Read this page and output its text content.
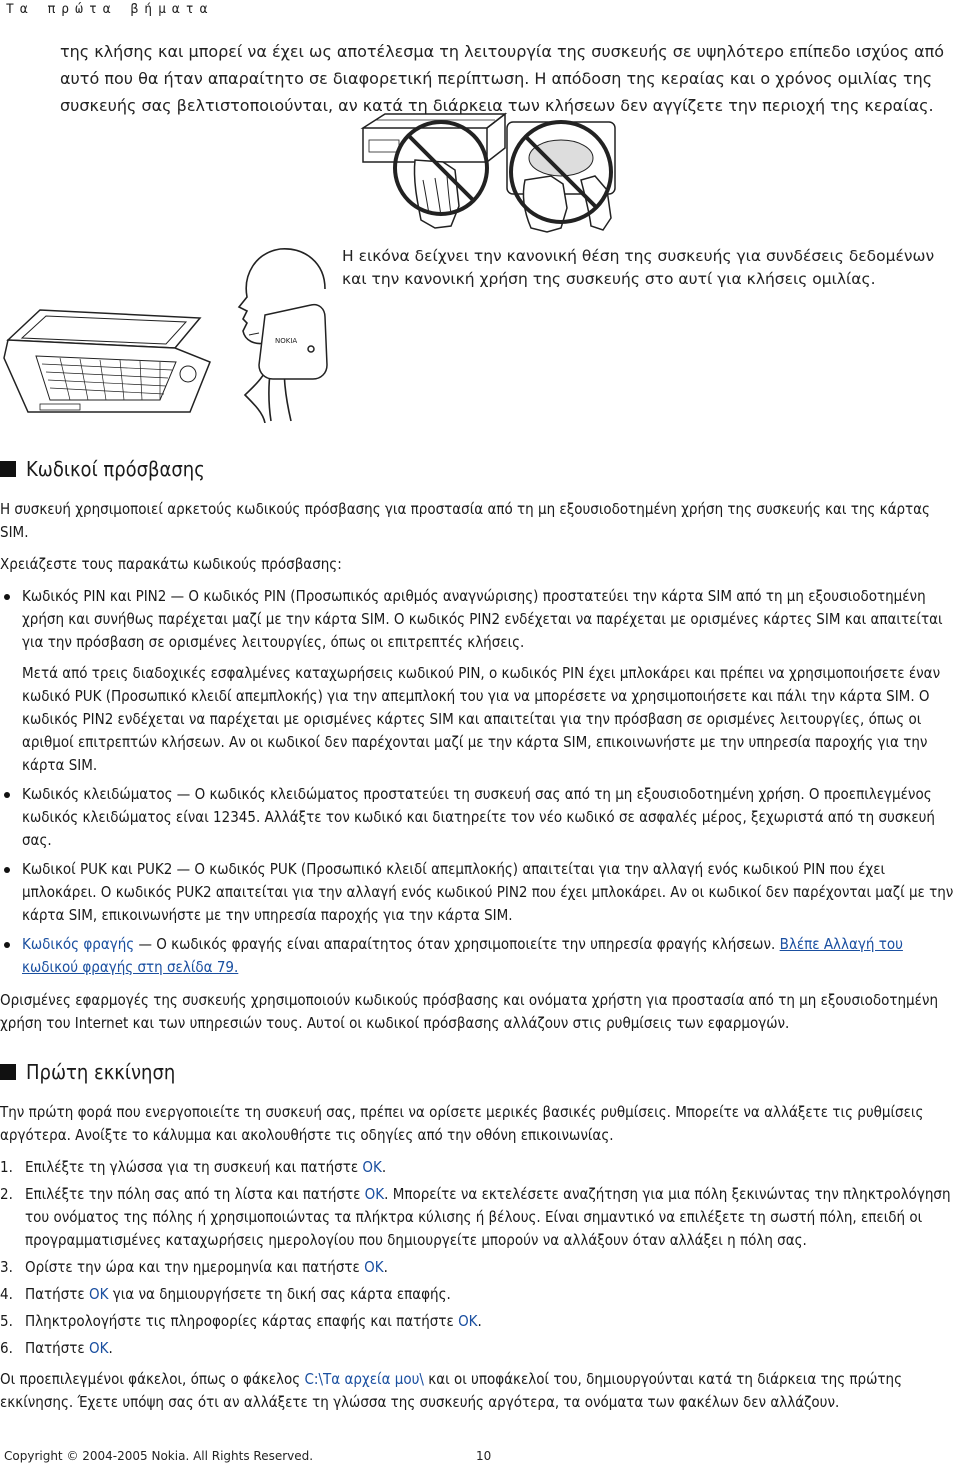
Τα πρώτα βήματα
της κλήσης και μπορεί να έχει ως αποτέλεσμα τη λειτουργία της συσκευής σε υψηλότερο επίπεδο ισχύος από αυτό που θα ήταν απαραίτητο σε διαφορετική περίπτωση. Η απόδοση της κεραίας και ο χρόνος ομιλίας της συσκευής σας βελτιστοποιούνται, αν κατά τη διάρκεια των κλήσεων δεν αγγίζετε την περιοχή της κεραίας.
NOKIA
Η εικόνα δείχνει την κανονική θέση της συσκευής για συνδέσεις δεδομένων και την κανονική χρήση της συσκευής στο αυτί για κλήσεις ομιλίας.
Κωδικοί πρόσβασης

Η συσκευή χρησιμοποιεί αρκετούς κωδικούς πρόσβασης για προστασία από τη μη εξουσιοδοτημένη χρήση της συσκευής και της κάρτας SIM.

Χρειάζεστε τους παρακάτω κωδικούς πρόσβασης:

Κωδικός PIN και PIN2 — Ο κωδικός PIN (Προσωπικός αριθμός αναγνώρισης) προστατεύει την κάρτα SIM από τη μη εξουσιοδοτημένη χρήση και συνήθως παρέχεται μαζί με την κάρτα SIM. Ο κωδικός PIN2 ενδέχεται να παρέχεται με ορισμένες κάρτες SIM και απαιτείται για την πρόσβαση σε ορισμένες λειτουργίες, όπως οι επιτρεπτές κλήσεις.

Μετά από τρεις διαδοχικές εσφαλμένες καταχωρήσεις κωδικού PIN, ο κωδικός PIN έχει μπλοκάρει και πρέπει να χρησιμοποιήσετε έναν κωδικό PUK (Προσωπικό κλειδί απεμπλοκής) για την απεμπλοκή του για να μπορέσετε να χρησιμοποιήσετε και πάλι την κάρτα SIM. Ο κωδικός PIN2 ενδέχεται να παρέχεται με ορισμένες κάρτες SIM και απαιτείται για την πρόσβαση σε ορισμένες λειτουργίες, όπως οι αριθμοί επιτρεπτών κλήσεων. Αν οι κωδικοί δεν παρέχονται μαζί με την κάρτα SIM, επικοινωνήστε με την υπηρεσία παροχής για την κάρτα SIM.

Κωδικός κλειδώματος — Ο κωδικός κλειδώματος προστατεύει τη συσκευή σας από τη μη εξουσιοδοτημένη χρήση. Ο προεπιλεγμένος κωδικός κλειδώματος είναι 12345. Αλλάξτε τον κωδικό και διατηρείτε τον νέο κωδικό σε ασφαλές μέρος, ξεχωριστά από τη συσκευή σας.
Κωδικοί PUK και PUK2 — Ο κωδικός PUK (Προσωπικό κλειδί απεμπλοκής) απαιτείται για την αλλαγή ενός κωδικού PIN που έχει μπλοκάρει. Ο κωδικός PUK2 απαιτείται για την αλλαγή ενός κωδικού PIN2 που έχει μπλοκάρει. Αν οι κωδικοί δεν παρέχονται μαζί με την κάρτα SIM, επικοινωνήστε με την υπηρεσία παροχής για την κάρτα SIM.
Κωδικός φραγής — Ο κωδικός φραγής είναι απαραίτητος όταν χρησιμοποιείτε την υπηρεσία φραγής κλήσεων. Βλέπε Αλλαγή του κωδικού φραγής στη σελίδα 79.

Ορισμένες εφαρμογές της συσκευής χρησιμοποιούν κωδικούς πρόσβασης και ονόματα χρήστη για προστασία από τη μη εξουσιοδοτημένη χρήση του Internet και των υπηρεσιών τους. Αυτοί οι κωδικοί πρόσβασης αλλάζουν στις ρυθμίσεις των εφαρμογών.

Πρώτη εκκίνηση

Την πρώτη φορά που ενεργοποιείτε τη συσκευή σας, πρέπει να ορίσετε μερικές βασικές ρυθμίσεις. Μπορείτε να αλλάξετε τις ρυθμίσεις αργότερα. Ανοίξτε το κάλυμμα και ακολουθήστε τις οδηγίες από την οθόνη επικοινωνίας.

1. Επιλέξτε τη γλώσσα για τη συσκευή και πατήστε OK.
2. Επιλέξτε την πόλη σας από τη λίστα και πατήστε OK. Μπορείτε να εκτελέσετε αναζήτηση για μια πόλη ξεκινώντας την πληκτρολόγηση του ονόματος της πόλης ή χρησιμοποιώντας τα πλήκτρα κύλισης ή βέλους. Είναι σημαντικό να επιλέξετε τη σωστή πόλη, επειδή οι προγραμματισμένες καταχωρήσεις ημερολογίου που δημιουργείτε μπορούν να αλλάξουν όταν αλλάξει η πόλη σας.
3. Ορίστε την ώρα και την ημερομηνία και πατήστε OK.
4. Πατήστε OK για να δημιουργήσετε τη δική σας κάρτα επαφής.
5. Πληκτρολογήστε τις πληροφορίες κάρτας επαφής και πατήστε OK.
6. Πατήστε OK.

Οι προεπιλεγμένοι φάκελοι, όπως ο φάκελος C:\Τα αρχεία μου\ και οι υποφάκελοί του, δημιουργούνται κατά τη διάρκεια της πρώτης εκκίνησης. Έχετε υπόψη σας ότι αν αλλάξετε τη γλώσσα της συσκευής αργότερα, τα ονόματα των φακέλων δεν αλλάζουν.

Copyright © 2004-2005 Nokia. All Rights Reserved.	10
